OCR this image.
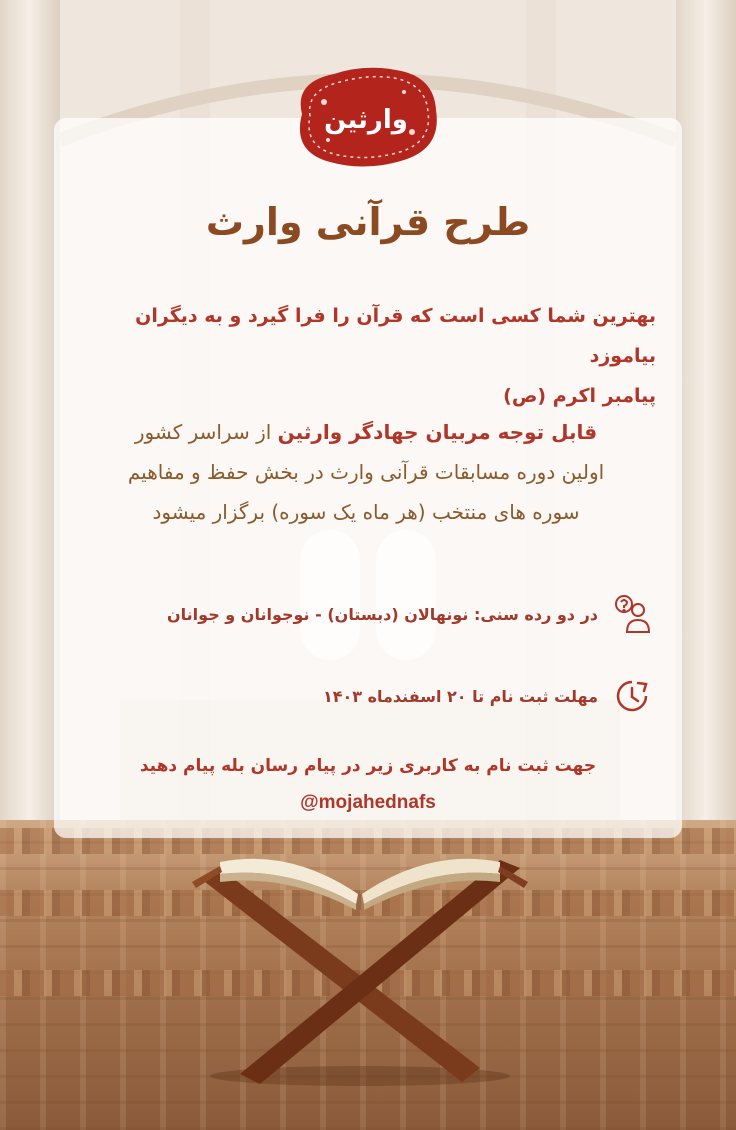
وارثین
طرح قرآنی وارث
بهترین شما کسی است که قرآن را فرا گیرد و به دیگران بیاموزد
پیامبر اکرم (ص)
قابل توجه مربیان جهادگر وارثین از سراسر کشور
اولین دوره مسابقات قرآنی وارث در بخش حفظ و مفاهیم
سوره های منتخب (هر ماه یک سوره) برگزار میشود
در دو رده سنی: نونهالان (دبستان) - نوجوانان و جوانان
مهلت ثبت نام تا ۲۰ اسفندماه ۱۴۰۳
جهت ثبت نام به کاربری زیر در پیام رسان بله پیام دهید
@mojahednafs
